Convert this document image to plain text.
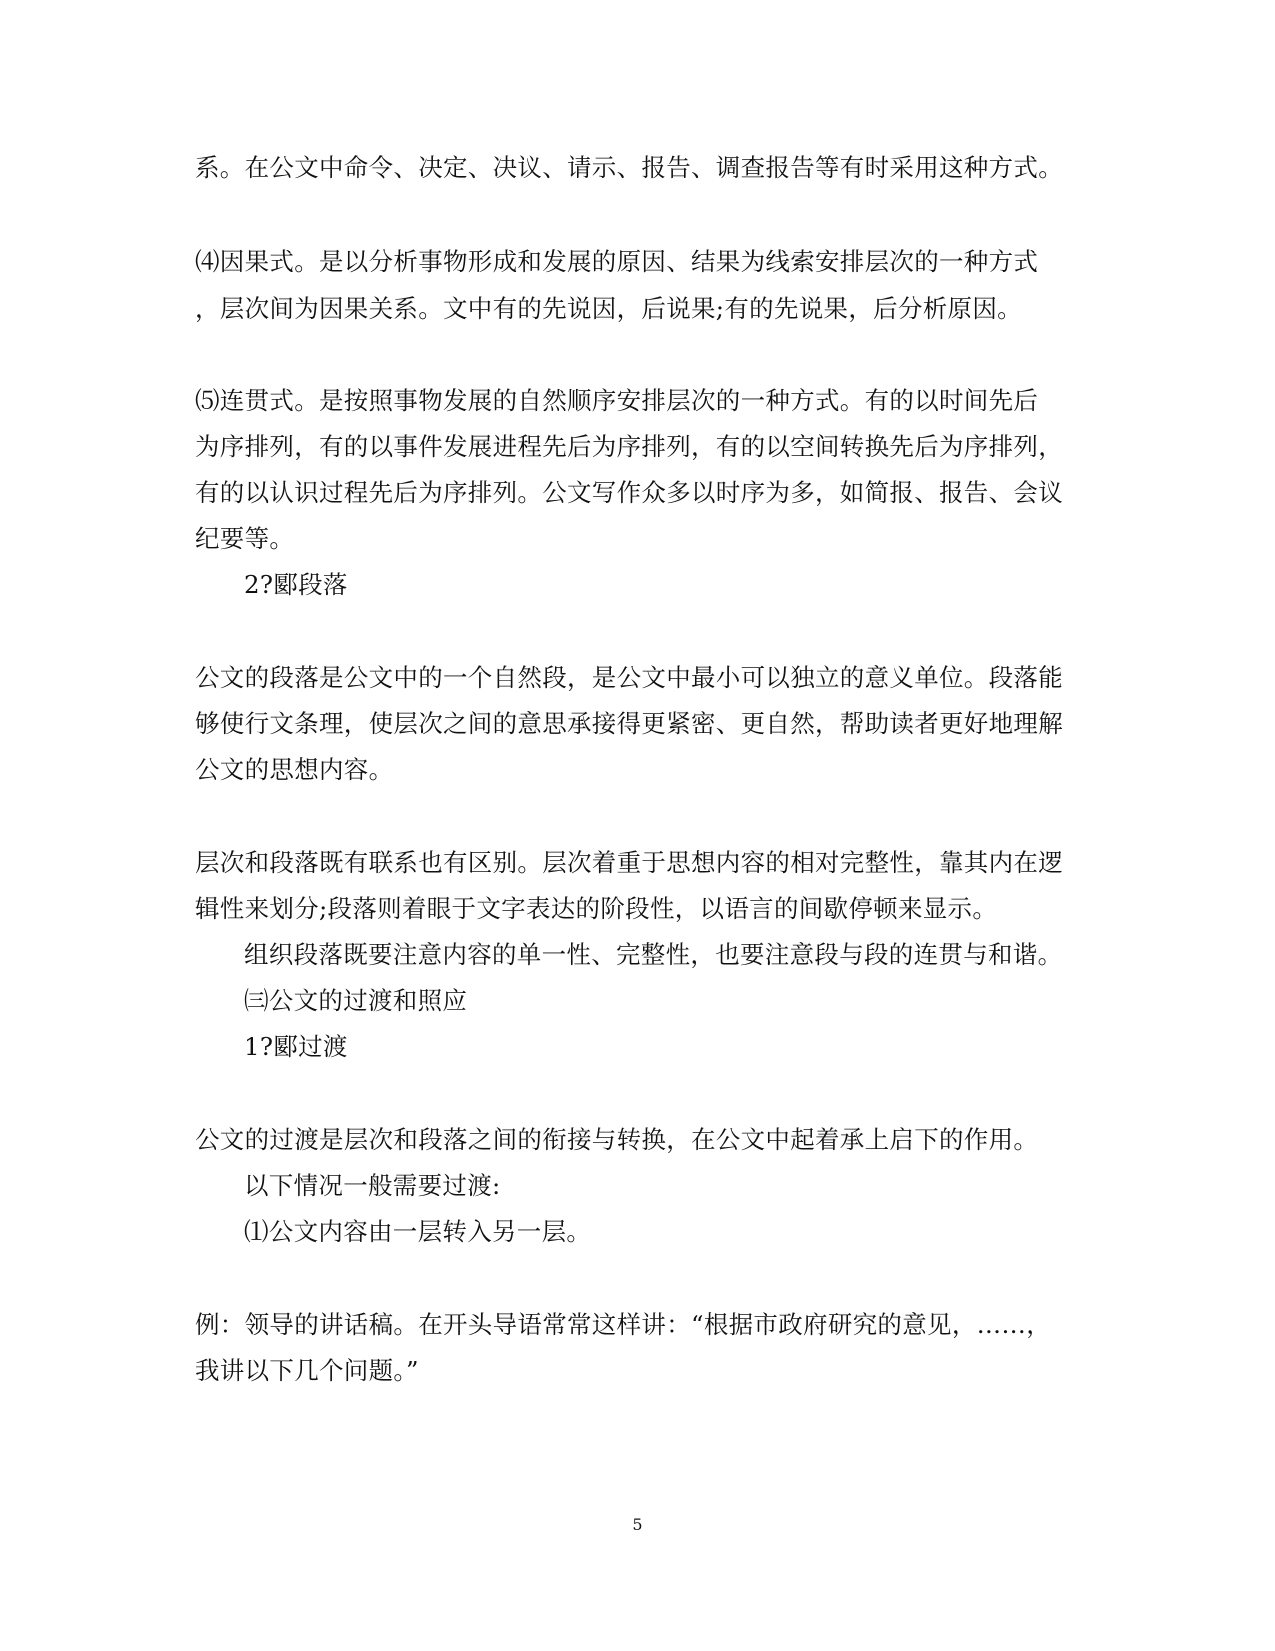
系。在公文中命令、决定、决议、请示、报告、调查报告等有时采用这种方式。

⑷因果式。是以分析事物形成和发展的原因、结果为线索安排层次的一种方式

，层次间为因果关系。文中有的先说因，后说果;有的先说果，后分析原因。

⑸连贯式。是按照事物发展的自然顺序安排层次的一种方式。有的以时间先后

为序排列，有的以事件发展进程先后为序排列，有的以空间转换先后为序排列，

有的以认识过程先后为序排列。公文写作众多以时序为多，如简报、报告、会议

纪要等。

2?郾段落

公文的段落是公文中的一个自然段，是公文中最小可以独立的意义单位。段落能

够使行文条理，使层次之间的意思承接得更紧密、更自然，帮助读者更好地理解

公文的思想内容。

层次和段落既有联系也有区别。层次着重于思想内容的相对完整性，靠其内在逻

辑性来划分;段落则着眼于文字表达的阶段性，以语言的间歇停顿来显示。

组织段落既要注意内容的单一性、完整性，也要注意段与段的连贯与和谐。

㈢公文的过渡和照应

1?郾过渡

公文的过渡是层次和段落之间的衔接与转换，在公文中起着承上启下的作用。

以下情况一般需要过渡:

⑴公文内容由一层转入另一层。

例：领导的讲话稿。在开头导语常常这样讲：“根据市政府研究的意见，……，

我讲以下几个问题。”

5
